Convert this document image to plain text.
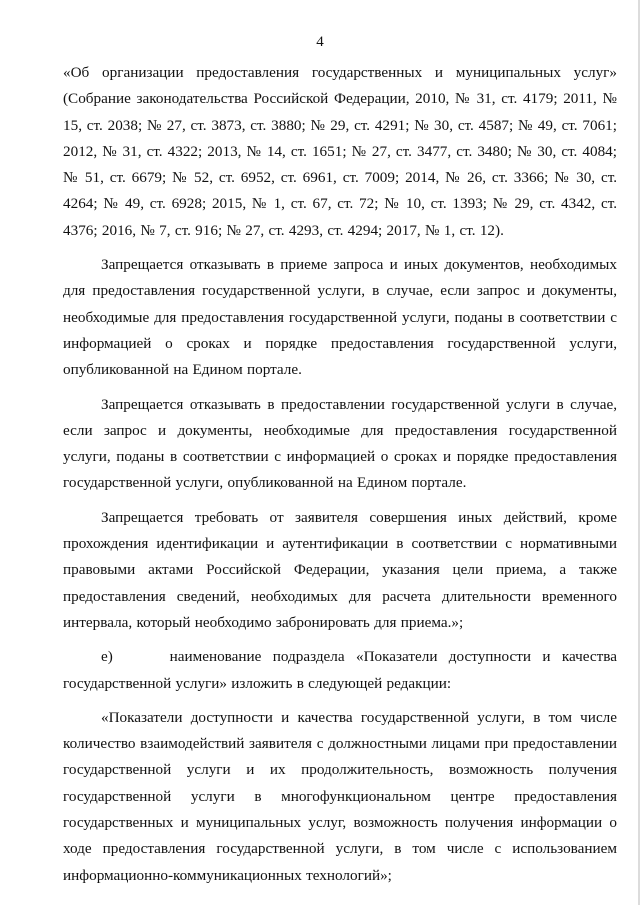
4

«Об организации предоставления государственных и муниципальных услуг» (Собрание законодательства Российской Федерации, 2010, № 31, ст. 4179; 2011, № 15, ст. 2038; № 27, ст. 3873, ст. 3880; № 29, ст. 4291; № 30, ст. 4587; № 49, ст. 7061; 2012, № 31, ст. 4322; 2013, № 14, ст. 1651; № 27, ст. 3477, ст. 3480; № 30, ст. 4084; № 51, ст. 6679; № 52, ст. 6952, ст. 6961, ст. 7009; 2014, № 26, ст. 3366; № 30, ст. 4264; № 49, ст. 6928; 2015, № 1, ст. 67, ст. 72; № 10, ст. 1393; № 29, ст. 4342, ст. 4376; 2016, № 7, ст. 916; № 27, ст. 4293, ст. 4294; 2017, № 1, ст. 12).

Запрещается отказывать в приеме запроса и иных документов, необходимых для предоставления государственной услуги, в случае, если запрос и документы, необходимые для предоставления государственной услуги, поданы в соответствии с информацией о сроках и порядке предоставления государственной услуги, опубликованной на Едином портале.

Запрещается отказывать в предоставлении государственной услуги в случае, если запрос и документы, необходимые для предоставления государственной услуги, поданы в соответствии с информацией о сроках и порядке предоставления государственной услуги, опубликованной на Едином портале.

Запрещается требовать от заявителя совершения иных действий, кроме прохождения идентификации и аутентификации в соответствии с нормативными правовыми актами Российской Федерации, указания цели приема, а также предоставления сведений, необходимых для расчета длительности временного интервала, который необходимо забронировать для приема.»;

е)     наименование подраздела «Показатели доступности и качества государственной услуги» изложить в следующей редакции:

«Показатели доступности и качества государственной услуги, в том числе количество взаимодействий заявителя с должностными лицами при предоставлении государственной услуги и их продолжительность, возможность получения государственной услуги в многофункциональном центре предоставления государственных и муниципальных услуг, возможность получения информации о ходе предоставления государственной услуги, в том числе с использованием информационно-коммуникационных технологий»;
